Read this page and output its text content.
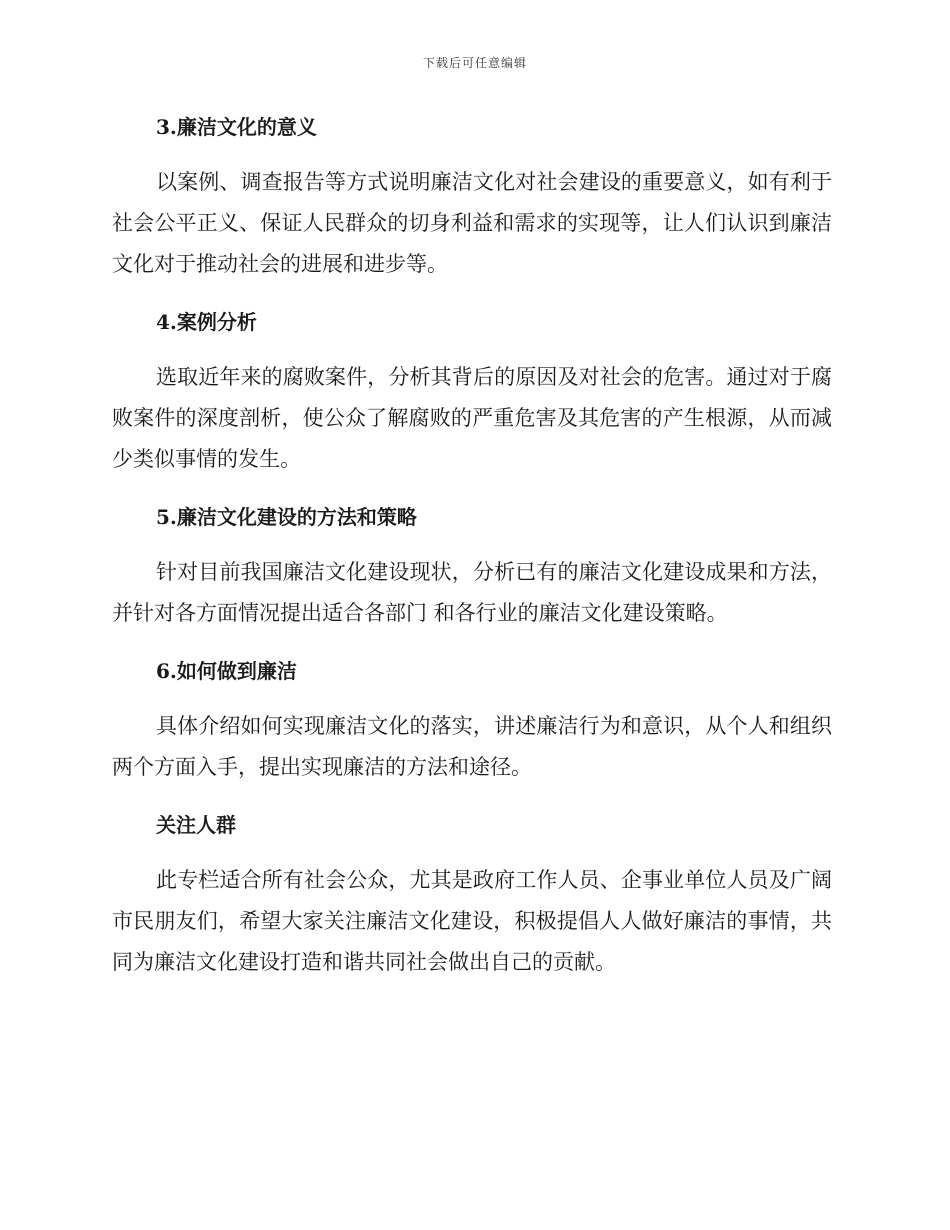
下载后可任意编辑
3.廉洁文化的意义
以案例、调查报告等方式说明廉洁文化对社会建设的重要意义，如有利于社会公平正义、保证人民群众的切身利益和需求的实现等，让人们认识到廉洁文化对于推动社会的进展和进步等。
4.案例分析
选取近年来的腐败案件，分析其背后的原因及对社会的危害。通过对于腐败案件的深度剖析，使公众了解腐败的严重危害及其危害的产生根源，从而减少类似事情的发生。
5.廉洁文化建设的方法和策略
针对目前我国廉洁文化建设现状，分析已有的廉洁文化建设成果和方法，并针对各方面情况提出适合各部门 和各行业的廉洁文化建设策略。
6.如何做到廉洁
具体介绍如何实现廉洁文化的落实，讲述廉洁行为和意识，从个人和组织两个方面入手，提出实现廉洁的方法和途径。
关注人群
此专栏适合所有社会公众，尤其是政府工作人员、企事业单位人员及广阔市民朋友们，希望大家关注廉洁文化建设，积极提倡人人做好廉洁的事情，共同为廉洁文化建设打造和谐共同社会做出自己的贡献。
